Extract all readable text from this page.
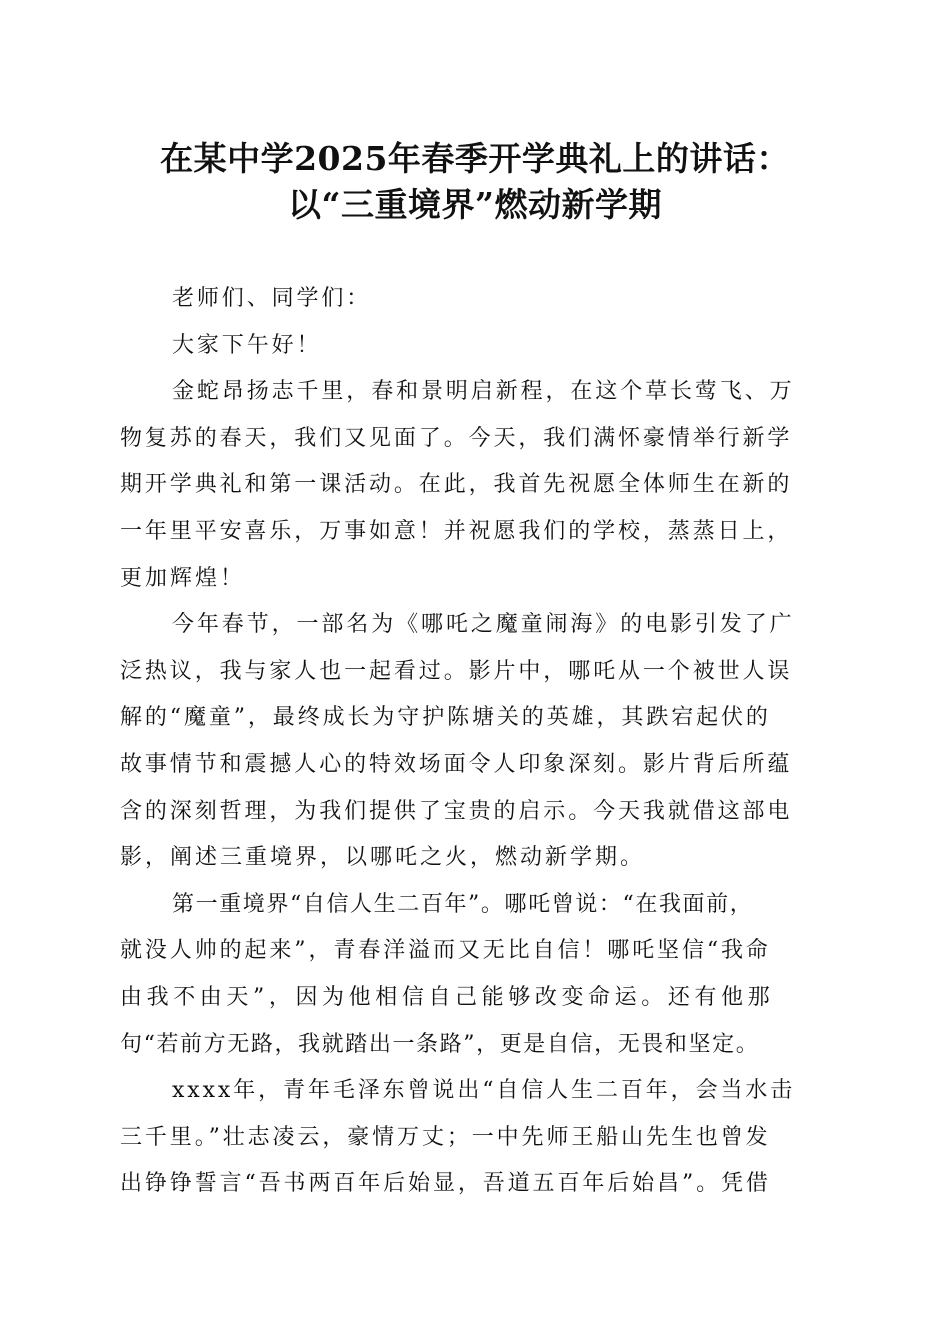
在某中学2025年春季开学典礼上的讲话：
以“三重境界”燃动新学期
老师们、同学们：
大家下午好！
金蛇昂扬志千里，春和景明启新程，在这个草长莺飞、万
物复苏的春天，我们又见面了。今天，我们满怀豪情举行新学
期开学典礼和第一课活动。在此，我首先祝愿全体师生在新的
一年里平安喜乐，万事如意！并祝愿我们的学校，蒸蒸日上，
更加辉煌！
今年春节，一部名为《哪吒之魔童闹海》的电影引发了广
泛热议，我与家人也一起看过。影片中，哪吒从一个被世人误
解的“魔童”，最终成长为守护陈塘关的英雄，其跌宕起伏的
故事情节和震撼人心的特效场面令人印象深刻。影片背后所蕴
含的深刻哲理，为我们提供了宝贵的启示。今天我就借这部电
影，阐述三重境界，以哪吒之火，燃动新学期。
第一重境界“自信人生二百年”。哪吒曾说：“在我面前，
就没人帅的起来”，青春洋溢而又无比自信！哪吒坚信“我命
由我不由天”，因为他相信自己能够改变命运。还有他那
句“若前方无路，我就踏出一条路”，更是自信，无畏和坚定。
xxxx年，青年毛泽东曾说出“自信人生二百年，会当水击
三千里。”壮志凌云，豪情万丈；一中先师王船山先生也曾发
出铮铮誓言“吾书两百年后始显，吾道五百年后始昌”。凭借
